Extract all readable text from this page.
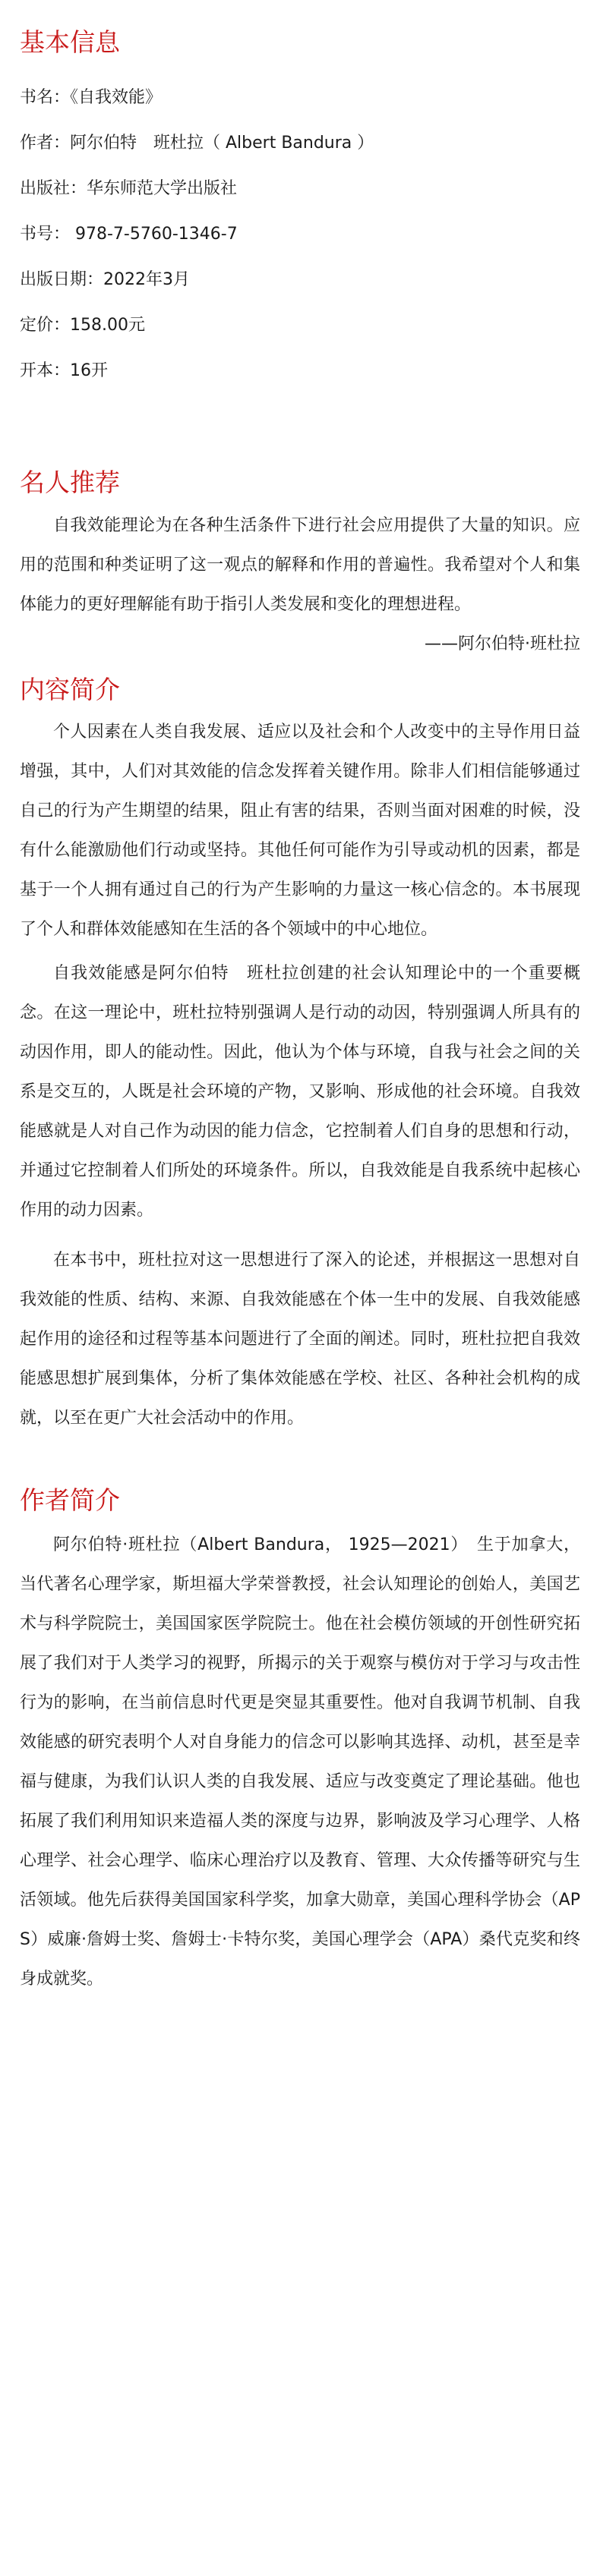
基本信息
书名：《自我效能》
作者：阿尔伯特　班杜拉（ Albert Bandura ）
出版社：华东师范大学出版社
书号： 978-7-5760-1346-7
出版日期：2022年3月
定价：158.00元
开本：16开
名人推荐

自我效能理论为在各种生活条件下进行社会应用提供了大量的知识。应用的范围和种类证明了这一观点的解释和作用的普遍性。我希望对个人和集体能力的更好理解能有助于指引人类发展和变化的理想进程。

——阿尔伯特·班杜拉

内容简介

个人因素在人类自我发展、适应以及社会和个人改变中的主导作用日益增强，其中，人们对其效能的信念发挥着关键作用。除非人们相信能够通过自己的行为产生期望的结果，阻止有害的结果，否则当面对困难的时候，没有什么能激励他们行动或坚持。其他任何可能作为引导或动机的因素，都是基于一个人拥有通过自己的行为产生影响的力量这一核心信念的。本书展现了个人和群体效能感知在生活的各个领域中的中心地位。

自我效能感是阿尔伯特　班杜拉创建的社会认知理论中的一个重要概念。在这一理论中，班杜拉特别强调人是行动的动因，特别强调人所具有的动因作用，即人的能动性。因此，他认为个体与环境，自我与社会之间的关系是交互的，人既是社会环境的产物，又影响、形成他的社会环境。自我效能感就是人对自己作为动因的能力信念，它控制着人们自身的思想和行动，并通过它控制着人们所处的环境条件。所以，自我效能是自我系统中起核心作用的动力因素。

在本书中，班杜拉对这一思想进行了深入的论述，并根据这一思想对自我效能的性质、结构、来源、自我效能感在个体一生中的发展、自我效能感起作用的途径和过程等基本问题进行了全面的阐述。同时，班杜拉把自我效能感思想扩展到集体，分析了集体效能感在学校、社区、各种社会机构的成就，以至在更广大社会活动中的作用。

作者简介

阿尔伯特·班杜拉（Albert Bandura， 1925—2021）　生于加拿大，当代著名心理学家，斯坦福大学荣誉教授，社会认知理论的创始人，美国艺术与科学院院士，美国国家医学院院士。他在社会模仿领域的开创性研究拓展了我们对于人类学习的视野，所揭示的关于观察与模仿对于学习与攻击性行为的影响，在当前信息时代更是突显其重要性。他对自我调节机制、自我效能感的研究表明个人对自身能力的信念可以影响其选择、动机，甚至是幸福与健康，为我们认识人类的自我发展、适应与改变奠定了理论基础。他也拓展了我们利用知识来造福人类的深度与边界，影响波及学习心理学、人格心理学、社会心理学、临床心理治疗以及教育、管理、大众传播等研究与生活领域。他先后获得美国国家科学奖，加拿大勋章，美国心理科学协会（APS）威廉·詹姆士奖、詹姆士·卡特尔奖，美国心理学会（APA）桑代克奖和终身成就奖。
